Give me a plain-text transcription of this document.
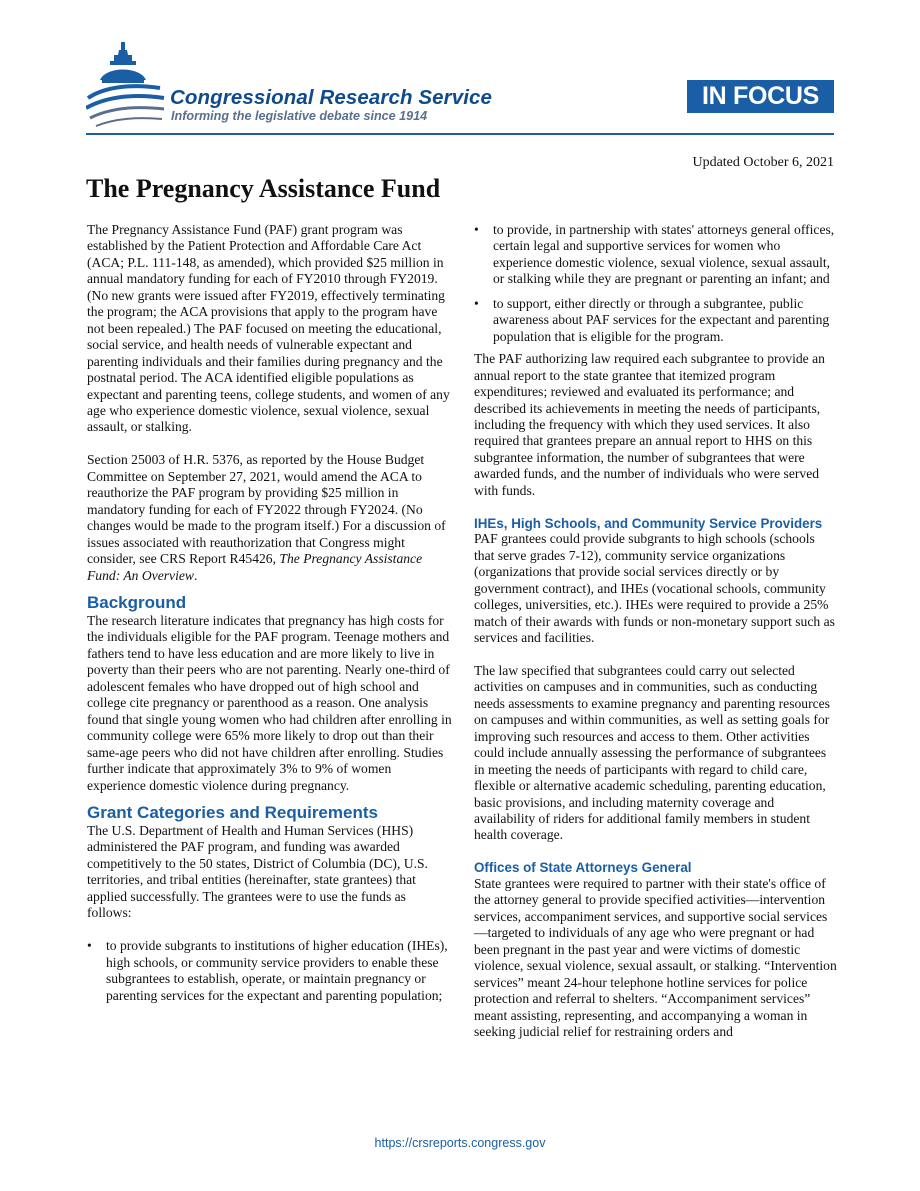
Congressional Research Service
Informing the legislative debate since 1914
IN FOCUS
Updated October 6, 2021
The Pregnancy Assistance Fund

The Pregnancy Assistance Fund (PAF) grant program was established by the Patient Protection and Affordable Care Act (ACA; P.L. 111-148, as amended), which provided $25 million in annual mandatory funding for each of FY2010 through FY2019. (No new grants were issued after FY2019, effectively terminating the program; the ACA provisions that apply to the program have not been repealed.) The PAF focused on meeting the educational, social service, and health needs of vulnerable expectant and parenting individuals and their families during pregnancy and the postnatal period. The ACA identified eligible populations as expectant and parenting teens, college students, and women of any age who experience domestic violence, sexual violence, sexual assault, or stalking.

Section 25003 of H.R. 5376, as reported by the House Budget Committee on September 27, 2021, would amend the ACA to reauthorize the PAF program by providing $25 million in mandatory funding for each of FY2022 through FY2024. (No changes would be made to the program itself.) For a discussion of issues associated with reauthorization that Congress might consider, see CRS Report R45426, The Pregnancy Assistance Fund: An Overview.

Background

The research literature indicates that pregnancy has high costs for the individuals eligible for the PAF program. Teenage mothers and fathers tend to have less education and are more likely to live in poverty than their peers who are not parenting. Nearly one-third of adolescent females who have dropped out of high school and college cite pregnancy or parenthood as a reason. One analysis found that single young women who had children after enrolling in community college were 65% more likely to drop out than their same-age peers who did not have children after enrolling. Studies further indicate that approximately 3% to 9% of women experience domestic violence during pregnancy.

Grant Categories and Requirements

The U.S. Department of Health and Human Services (HHS) administered the PAF program, and funding was awarded competitively to the 50 states, District of Columbia (DC), U.S. territories, and tribal entities (hereinafter, state grantees) that applied successfully. The grantees were to use the funds as follows:

• to provide subgrants to institutions of higher education (IHEs), high schools, or community service providers to enable these subgrantees to establish, operate, or maintain pregnancy or parenting services for the expectant and parenting population;
• to provide, in partnership with states' attorneys general offices, certain legal and supportive services for women who experience domestic violence, sexual violence, sexual assault, or stalking while they are pregnant or parenting an infant; and
• to support, either directly or through a subgrantee, public awareness about PAF services for the expectant and parenting population that is eligible for the program.

The PAF authorizing law required each subgrantee to provide an annual report to the state grantee that itemized program expenditures; reviewed and evaluated its performance; and described its achievements in meeting the needs of participants, including the frequency with which they used services. It also required that grantees prepare an annual report to HHS on this subgrantee information, the number of subgrantees that were awarded funds, and the number of individuals who were served with funds.

IHEs, High Schools, and Community Service Providers

PAF grantees could provide subgrants to high schools (schools that serve grades 7-12), community service organizations (organizations that provide social services directly or by government contract), and IHEs (vocational schools, community colleges, universities, etc.). IHEs were required to provide a 25% match of their awards with funds or non-monetary support such as services and facilities.

The law specified that subgrantees could carry out selected activities on campuses and in communities, such as conducting needs assessments to examine pregnancy and parenting resources on campuses and within communities, as well as setting goals for improving such resources and access to them. Other activities could include annually assessing the performance of subgrantees in meeting the needs of participants with regard to child care, flexible or alternative academic scheduling, parenting education, basic provisions, and including maternity coverage and availability of riders for additional family members in student health coverage.

Offices of State Attorneys General

State grantees were required to partner with their state's office of the attorney general to provide specified activities—intervention services, accompaniment services, and supportive social services—targeted to individuals of any age who were pregnant or had been pregnant in the past year and were victims of domestic violence, sexual violence, sexual assault, or stalking. “Intervention services” meant 24-hour telephone hotline services for police protection and referral to shelters. “Accompaniment services” meant assisting, representing, and accompanying a woman in seeking judicial relief for restraining orders and

https://crsreports.congress.gov
